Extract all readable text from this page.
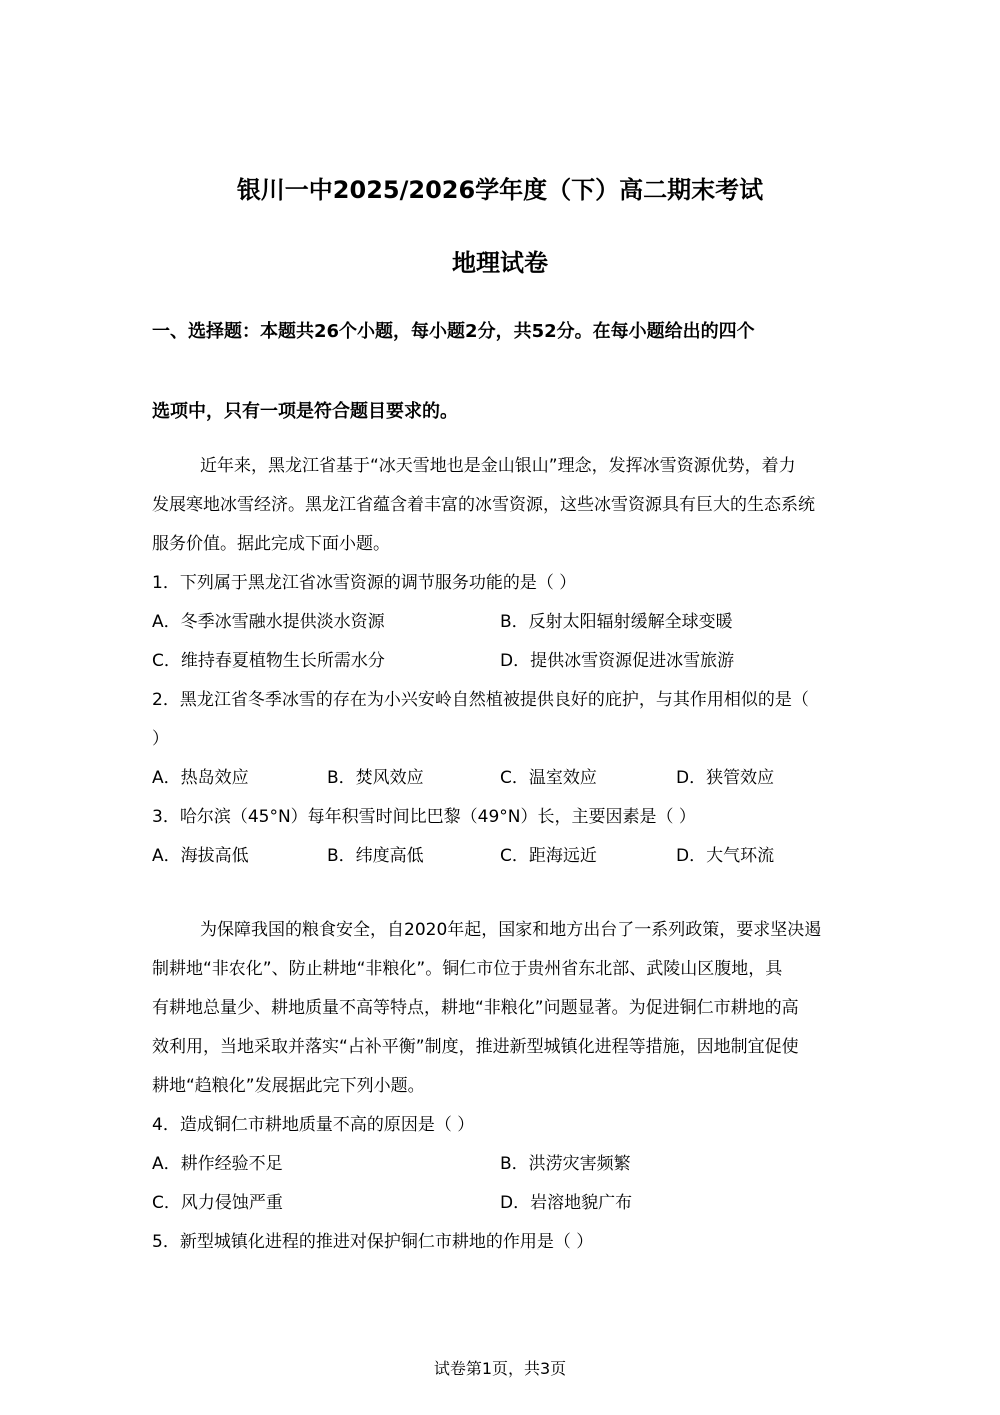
银川一中2025/2026学年度（下）高二期末考试
地理试卷
一、选择题：本题共26个小题，每小题2分，共52分。在每小题给出的四个
选项中，只有一项是符合题目要求的。
近年来，黑龙江省基于“冰天雪地也是金山银山”理念，发挥冰雪资源优势，着力
发展寒地冰雪经济。黑龙江省蕴含着丰富的冰雪资源，这些冰雪资源具有巨大的生态系统
服务价值。据此完成下面小题。
1．下列属于黑龙江省冰雪资源的调节服务功能的是（ ）
A．冬季冰雪融水提供淡水资源	B．反射太阳辐射缓解全球变暖
C．维持春夏植物生长所需水分	D．提供冰雪资源促进冰雪旅游
2．黑龙江省冬季冰雪的存在为小兴安岭自然植被提供良好的庇护，与其作用相似的是（
）
A．热岛效应	B．焚风效应	C．温室效应	D．狭管效应
3．哈尔滨（45°N）每年积雪时间比巴黎（49°N）长，主要因素是（ ）
A．海拔高低	B．纬度高低	C．距海远近	D．大气环流
为保障我国的粮食安全，自2020年起，国家和地方出台了一系列政策，要求坚决遏
制耕地“非农化”、防止耕地“非粮化”。铜仁市位于贵州省东北部、武陵山区腹地，具
有耕地总量少、耕地质量不高等特点，耕地“非粮化”问题显著。为促进铜仁市耕地的高
效利用，当地采取并落实“占补平衡”制度，推进新型城镇化进程等措施，因地制宜促使
耕地“趋粮化”发展据此完下列小题。
4．造成铜仁市耕地质量不高的原因是（ ）
A．耕作经验不足	B．洪涝灾害频繁
C．风力侵蚀严重	D．岩溶地貌广布
5．新型城镇化进程的推进对保护铜仁市耕地的作用是（ ）
试卷第1页，共3页
